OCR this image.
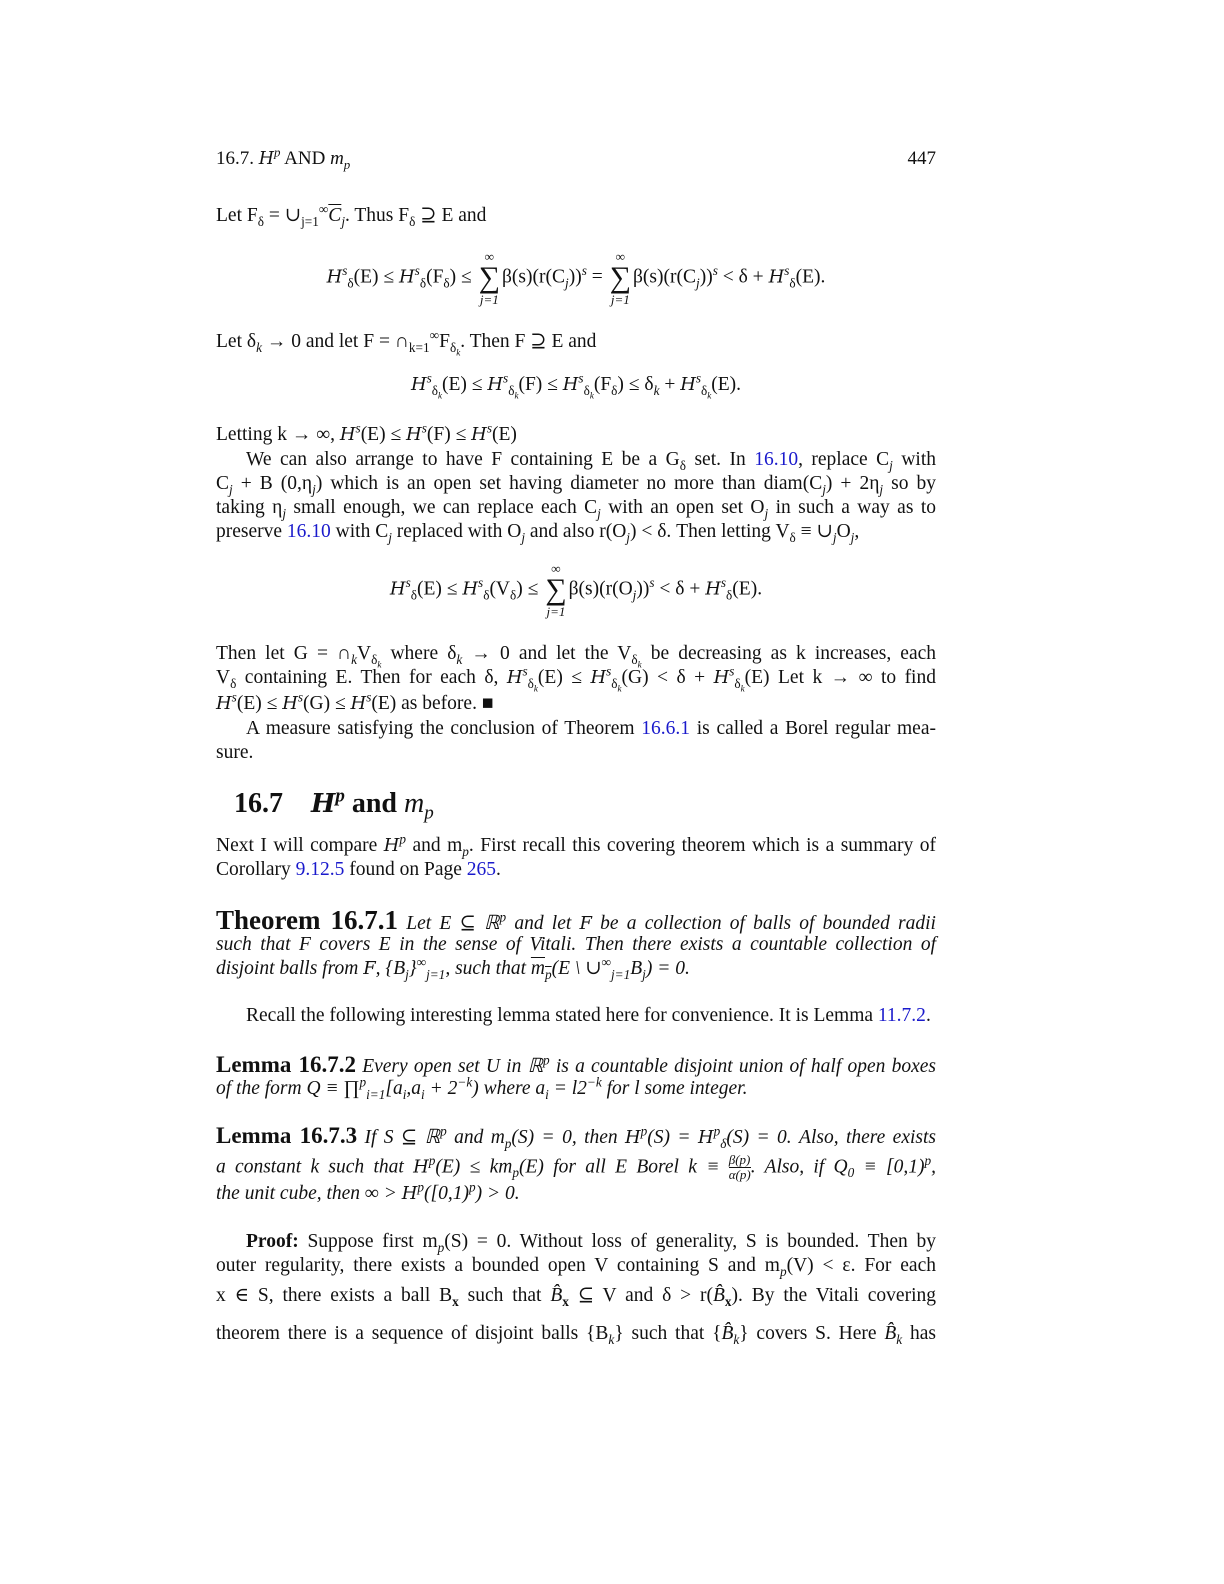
16.7. $H^p$ AND $m_p$	447
Let $F_\delta$ = $\cup_{j=1}^\infty\overline{C}_j$. Thus $F_\delta$ ⊇ E and
$H^s_\delta(E) \le H^s_\delta(F_\delta)$ ≤
∞
∑
j=1
$\beta(s)(r(C_j))^s$ =
∞
∑
j=1
$\beta(s)(r(C_j))^s < \delta + H^s_\delta(E)$.
Let $\delta_k \to 0$ and let $F = \cap_{k=1}^\infty F_{\delta_k}$. Then F ⊇ E and
$H^s_{\delta_k}(E) \le H^s_{\delta_k}(F) \le H^s_{\delta_k}(F_\delta) \le \delta_k + H^s_{\delta_k}(E)$.
Letting k → ∞, $H^s(E) \le H^s(F) \le H^s(E)$
We can also arrange to have F containing E be a $G_\delta$ set. In 16.10, replace $C_j$ with
$C_j + B$ $(0,\eta_j)$ which is an open set having diameter no more than $diam(C_j) + 2\eta_j$ so by
taking $\eta_j$ small enough, we can replace each $C_j$ with an open set $O_j$ in such a way as to
preserve 16.10 with $C_j$ replaced with $O_j$ and also $r(O_j) < \delta$. Then letting $V_\delta$ ≡ $\cup_jO_j$,
$H^s_\delta(E) \le H^s_\delta(V_\delta)$ ≤
∞
∑
j=1
$\beta(s)(r(O_j))^s < \delta + H^s_\delta(E)$.
Then let $G = \cap_kV_{\delta_k}$ where $\delta_k \to 0$ and let the $V_{\delta_k}$ be decreasing as k increases, each
$V_\delta$ containing E. Then for each δ, $H^s_{\delta_k}(E) \le H^s_{\delta_k}(G) < \delta + H^s_{\delta_k}(E)$ Let k → ∞ to find
$H^s(E) \le H^s(G) \le H^s(E)$ as before. ■
A measure satisfying the conclusion of Theorem 16.6.1 is called a Borel regular mea-
sure.
16.7 $H^p$ and $m_p$
Next I will compare $H^p$ and $m_p$. First recall this covering theorem which is a summary of
Corollary 9.12.5 found on Page 265.
Theorem 16.7.1 Let E ⊆ ℝ$^p$ and let F be a collection of balls of bounded radii
such that F covers E in the sense of Vitali. Then there exists a countable collection of
disjoint balls from F, $\{B_j\}^\infty_{j=1}$, such that $\overline{m}_{\overline{p}}(E$ \ $\cup^\infty_{j=1}B_j) = 0$.
Recall the following interesting lemma stated here for convenience. It is Lemma 11.7.2.
Lemma 16.7.2 Every open set U in ℝ$^p$ is a countable disjoint union of half open boxes
of the form $Q \equiv \prod^p_{i=1}[a_i,a_i + 2^{-k})$ where $a_i = l2^{-k}$ for l some integer.
Lemma 16.7.3 If S ⊆ ℝ$^p$ and $m_p(S) = 0$, then $H^p(S) = H^p_\delta(S) = 0$. Also, there exists
a constant k such that $H^p(E) \le km_p(E)$ for all E Borel $k \equiv \frac{\beta(p)}{\alpha(p)}$ . Also, if $Q_0 \equiv [0,1)^p$,
the unit cube, then ∞ > $H^p([0,1)^p) > 0$.
Proof: Suppose first $m_p(S) = 0$. Without loss of generality, S is bounded. Then by
outer regularity, there exists a bounded open V containing S and $m_p(V) < \varepsilon$. For each
x ∈ S, there exists a ball $B_x$ such that $B̂_x$ ⊆ V and $\delta > r(B̂_x)$. By the Vitali covering
theorem there is a sequence of disjoint balls $\{B_k\}$ such that $\{B̂_k\}$ covers S. Here $B̂_k$ has
